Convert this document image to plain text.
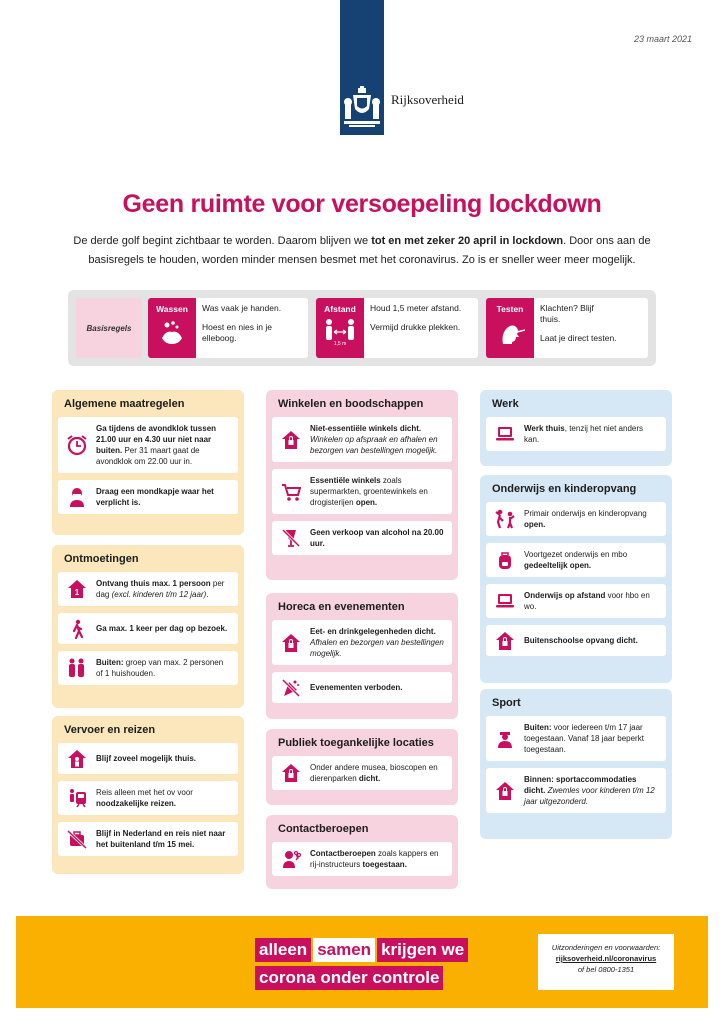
Rijksoverheid
23 maart 2021
Geen ruimte voor versoepeling lockdown
De derde golf begint zichtbaar te worden. Daarom blijven we tot en met zeker 20 april in lockdown. Door ons aan de basisregels te houden, worden minder mensen besmet met het coronavirus. Zo is er sneller weer meer mogelijk.
Basisregels
Wassen	Was vaak je handen.
Hoest en nies in je elleboog.
Afstand
1,5 m
Houd 1,5 meter afstand.
Vermijd drukke plekken.
Testen	Klachten? Blijf thuis.
Laat je direct testen.
Algemene maatregelen
Ga tijdens de avondklok tussen 21.00 uur en 4.30 uur niet naar buiten. Per 31 maart gaat de avondklok om 22.00 uur in.
Draag een mondkapje waar het verplicht is.
Ontmoetingen
1
Ontvang thuis max. 1 persoon per dag (excl. kinderen t/m 12 jaar).
Ga max. 1 keer per dag op bezoek.
Buiten: groep van max. 2 personen of 1 huishouden.
Vervoer en reizen
Blijf zoveel mogelijk thuis.
Reis alleen met het ov voor noodzakelijke reizen.
Blijf in Nederland en reis niet naar het buitenland t/m 15 mei.
Winkelen en boodschappen
Niet-essentiële winkels dicht.
Winkelen op afspraak en afhalen en bezorgen van bestellingen mogelijk.
Essentiële winkels zoals supermarkten, groentewinkels en drogisterijen open.
Geen verkoop van alcohol na 20.00 uur.
Horeca en evenementen
Eet- en drinkgelegenheden dicht.
Afhalen en bezorgen van bestellingen mogelijk.
Evenementen verboden.
Publiek toegankelijke locaties
Onder andere musea, bioscopen en dierenparken dicht.
Contactberoepen
Contactberoepen zoals kappers en rij-instructeurs toegestaan.
Werk
Werk thuis, tenzij het niet anders kan.
Onderwijs en kinderopvang
Primair onderwijs en kinderopvang open.
Voortgezet onderwijs en mbo gedeeltelijk open.
Onderwijs op afstand voor hbo en wo.
Buitenschoolse opvang dicht.
Sport
Buiten: voor iedereen t/m 17 jaar toegestaan. Vanaf 18 jaar beperkt toegestaan.
Binnen: sportaccommodaties dicht. Zwemles voor kinderen t/m 12 jaar uitgezonderd.
alleen samen krijgen we
corona onder controle
Uitzonderingen en voorwaarden:
rijksoverheid.nl/coronavirus
of bel 0800-1351
